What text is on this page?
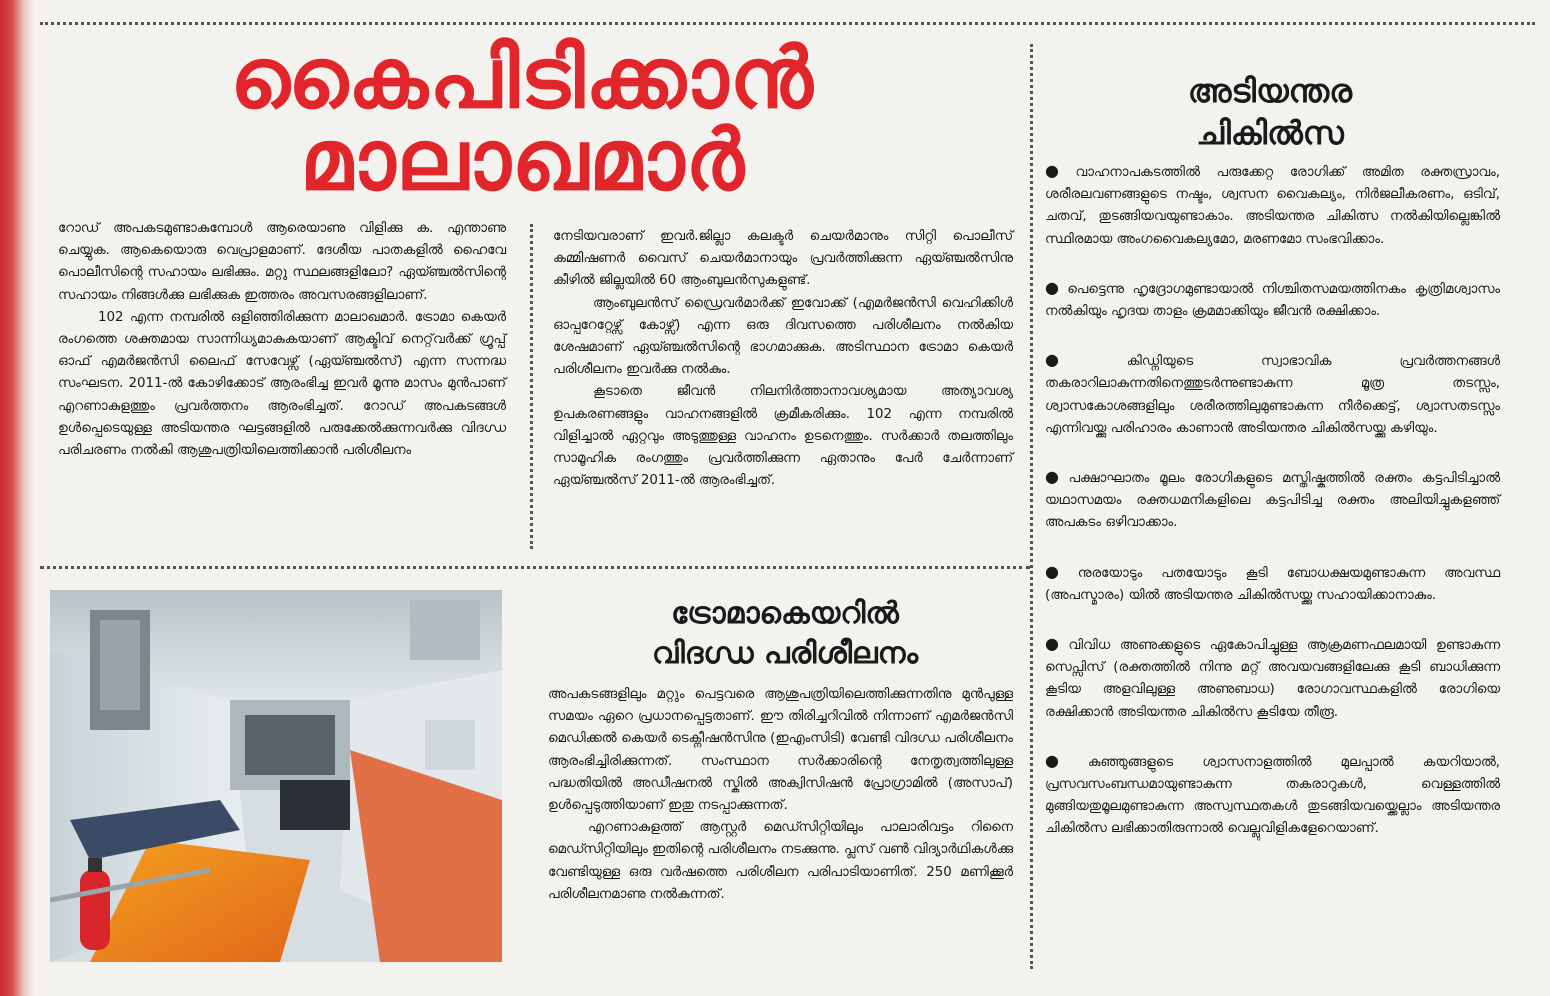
കൈപിടിക്കാൻ
മാലാഖമാർ

റോഡ് അപകടമുണ്ടാകുമ്പോൾ ആരെയാണു വിളിക്കു ക. എന്താണു ചെയ്യുക. ആകെയൊരു വെപ്രാളമാണ്. ദേശീയ പാതകളിൽ ഹൈവേ പൊലീസിന്റെ സഹായം ലഭിക്കും. മറ്റു സ്ഥലങ്ങളിലോ? ഏയ്ഞ്ചൽസിന്റെ സഹായം നിങ്ങൾക്കു ലഭിക്കുക ഇത്തരം അവസരങ്ങളിലാണ്.

102 എന്ന നമ്പരിൽ ഒളിഞ്ഞിരിക്കുന്ന മാലാഖമാർ. ട്രോമാ കെയർ രംഗത്തെ ശക്തമായ സാന്നിധ്യമാകുകയാണ് ആക്ടിവ് നെറ്റ്‌വർക്ക് ഗ്രൂപ്പ് ഓഫ് എമർജൻസി ലൈഫ് സേവേഴ്സ് (ഏയ്ഞ്ചൽസ്) എന്ന സന്നദ്ധ സംഘടന. 2011-ൽ കോഴിക്കോട് ആരംഭിച്ച ഇവർ മൂന്നു മാസം മുൻപാണ് എറണാകുളത്തും പ്രവർത്തനം ആരംഭിച്ചത്. റോഡ് അപകടങ്ങൾ ഉൾപ്പെടെയുള്ള അടിയന്തര ഘട്ടങ്ങളിൽ പരുക്കേൽക്കുന്നവർക്കു വിദഗ്ധ പരിചരണം നൽകി ആശുപത്രിയിലെത്തിക്കാൻ പരിശീലനം

നേടിയവരാണ് ഇവർ.ജില്ലാ കലക്ടർ ചെയർമാനും സിറ്റി പൊലീസ് കമ്മിഷണർ വൈസ് ചെയർമാനായും പ്രവർത്തിക്കുന്ന ഏയ്ഞ്ചൽസിനു കീഴിൽ ജില്ലയിൽ 60 ആംബുലൻസുകളുണ്ട്.

ആംബുലൻസ് ഡ്രൈവർമാർക്ക് ഇവോക്ക് (എമർജൻസി വെഹിക്കിൾ ഓപ്പറേറ്റേഴ്സ് കോഴ്സ്) എന്ന ഒരു ദിവസത്തെ പരിശീലനം നൽകിയ ശേഷമാണ് ഏയ്ഞ്ചൽസിന്റെ ഭാഗമാക്കുക. അടിസ്ഥാന ട്രോമാ കെയർ പരിശീലനം ഇവർക്കു നൽകും.

കൂടാതെ ജീവൻ നിലനിർത്താനാവശ്യമായ അത്യാവശ്യ ഉപകരണങ്ങളും വാഹനങ്ങളിൽ ക്രമീകരിക്കും. 102 എന്ന നമ്പരിൽ വിളിച്ചാൽ ഏറ്റവും അടുത്തുള്ള വാഹനം ഉടനെത്തും. സർക്കാർ തലത്തിലും സാമൂഹിക രംഗത്തും പ്രവർത്തിക്കുന്ന ഏതാനും പേർ ചേർന്നാണ് ഏയ്ഞ്ചൽസ് 2011-ൽ ആരംഭിച്ചത്.

ട്രോമാകെയറിൽ
വിദഗ്ധ പരിശീലനം

അപകടങ്ങളിലും മറ്റും പെട്ടവരെ ആശുപത്രിയിലെത്തിക്കുന്നതിനു മുൻപുള്ള സമയം ഏറെ പ്രധാനപ്പെട്ടതാണ്. ഈ തിരിച്ചറിവിൽ നിന്നാണ് എമർജൻസി മെഡിക്കൽ കെയർ ടെക്നീഷൻസിനു (ഇഎംസിടി) വേണ്ടി വിദഗ്ധ പരിശീലനം ആരംഭിച്ചിരിക്കുന്നത്. സംസ്ഥാന സർക്കാരിന്റെ നേതൃത്വത്തിലുള്ള പദ്ധതിയിൽ അഡീഷനൽ സ്കിൽ അക്വിസിഷൻ പ്രോഗ്രാമിൽ (അസാപ്) ഉൾപ്പെടുത്തിയാണ് ഇതു നടപ്പാക്കുന്നത്.

എറണാകുളത്ത് ആസ്റ്റർ മെഡ്സിറ്റിയിലും പാലാരിവട്ടം റിനൈ മെഡ്സിറ്റിയിലും ഇതിന്റെ പരിശീലനം നടക്കുന്നു. പ്ലസ് വൺ വിദ്യാർഥികൾക്കു വേണ്ടിയുള്ള ഒരു വർഷത്തെ പരിശീലന പരിപാടിയാണിത്. 250 മണിക്കൂർ പരിശീലനമാണു നൽകുന്നത്.

അടിയന്തര
ചികിൽസ

● വാഹനാപകടത്തിൽ പരുക്കേറ്റ രോഗിക്ക് അമിത രക്തസ്രാവം, ശരീരലവണങ്ങളുടെ നഷ്ടം, ശ്വസന വൈകല്യം, നിർജലീകരണം, ഒടിവ്, ചതവ്, തുടങ്ങിയവയുണ്ടാകാം. അടിയന്തര ചികിത്സ നൽകിയില്ലെങ്കിൽ സ്ഥിരമായ അംഗവൈകല്യമോ, മരണമോ സംഭവിക്കാം.

● പെട്ടെന്നു ഹൃദ്രോഗമുണ്ടായാൽ നിശ്ചിതസമയത്തിനകം കൃത്രിമശ്വാസം നൽകിയും ഹൃദയ താളം ക്രമമാക്കിയും ജീവൻ രക്ഷിക്കാം.

● കിഡ്നിയുടെ സ്വാഭാവിക പ്രവർത്തനങ്ങൾ തകരാറിലാകുന്നതിനെത്തുടർന്നുണ്ടാകുന്ന മൂത്ര തടസ്സം, ശ്വാസകോശങ്ങളിലും ശരീരത്തിലുമുണ്ടാകുന്ന നീർക്കെട്ട്, ശ്വാസതടസ്സം എന്നിവയ്ക്കു പരിഹാരം കാണാൻ അടിയന്തര ചികിൽസയ്ക്കു കഴിയും.

● പക്ഷാഘാതം മൂലം രോഗികളുടെ മസ്തിഷ്കത്തിൽ രക്തം കട്ടപിടിച്ചാൽ യഥാസമയം രക്തധമനികളിലെ കട്ടപിടിച്ച രക്തം അലിയിച്ചുകളഞ്ഞ് അപകടം ഒഴിവാക്കാം.

● നുരയോടും പതയോടും കൂടി ബോധക്ഷയമുണ്ടാകുന്ന അവസ്ഥ (അപസ്മാരം) യിൽ അടിയന്തര ചികിൽസയ്ക്കു സഹായിക്കാനാകും.

● വിവിധ അണുക്കളുടെ ഏകോപിച്ചുള്ള ആക്രമണഫലമായി ഉണ്ടാകുന്ന സെപ്സിസ് (രക്തത്തിൽ നിന്നു മറ്റ് അവയവങ്ങളിലേക്കു കൂടി ബാധിക്കുന്ന കൂടിയ അളവിലുള്ള അണുബാധ) രോഗാവസ്ഥകളിൽ രോഗിയെ രക്ഷിക്കാൻ അടിയന്തര ചികിൽസ കൂടിയേ തീരൂ.

● കുഞ്ഞുങ്ങളുടെ ശ്വാസനാളത്തിൽ മുലപ്പാൽ കയറിയാൽ, പ്രസവസംബന്ധമായുണ്ടാകുന്ന തകരാറുകൾ, വെള്ളത്തിൽ മുങ്ങിയതുമൂലമുണ്ടാകുന്ന അസ്വസ്ഥതകൾ തുടങ്ങിയവയ്ക്കെല്ലാം അടിയന്തര ചികിൽസ ലഭിക്കാതിരുന്നാൽ വെല്ലുവിളികളേറെയാണ്.
